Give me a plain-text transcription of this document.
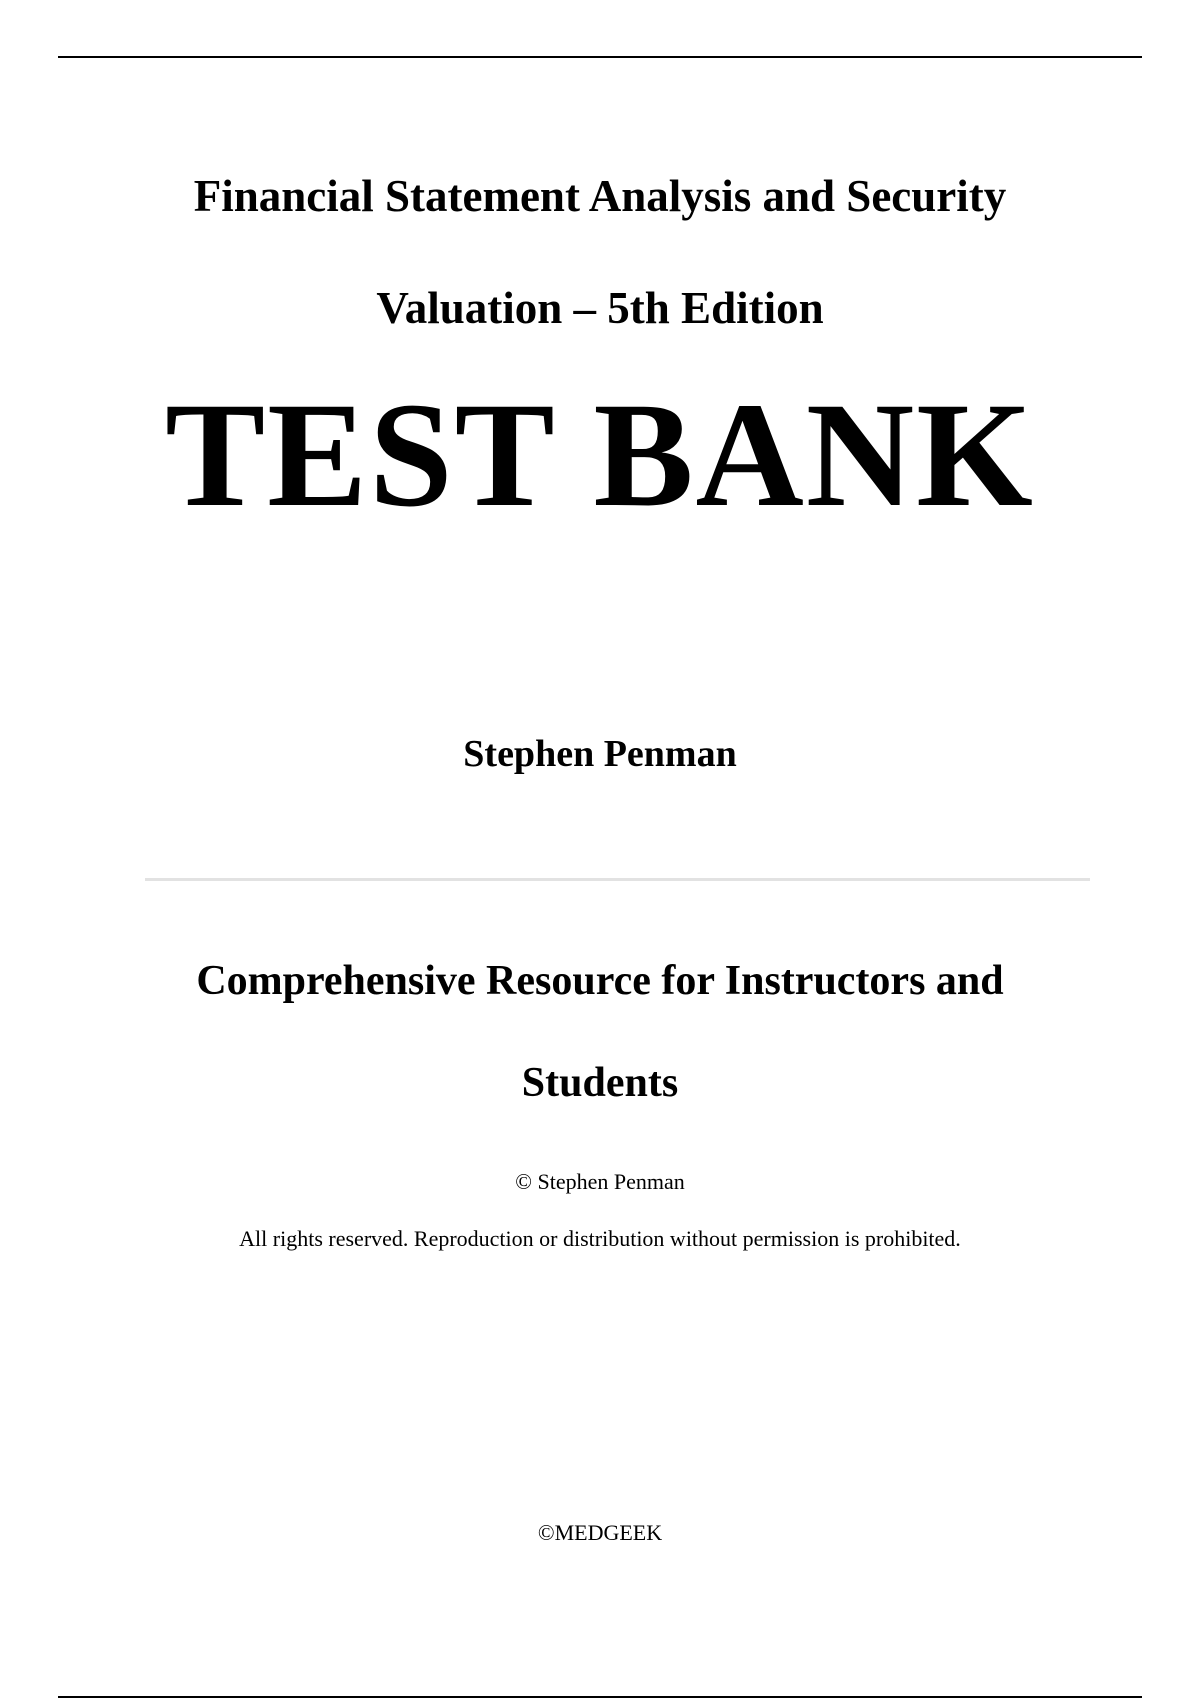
Financial Statement Analysis and Security
Valuation – 5th Edition
TEST BANK
Stephen Penman
Comprehensive Resource for Instructors and
Students
© Stephen Penman
All rights reserved. Reproduction or distribution without permission is prohibited.
©MEDGEEK
